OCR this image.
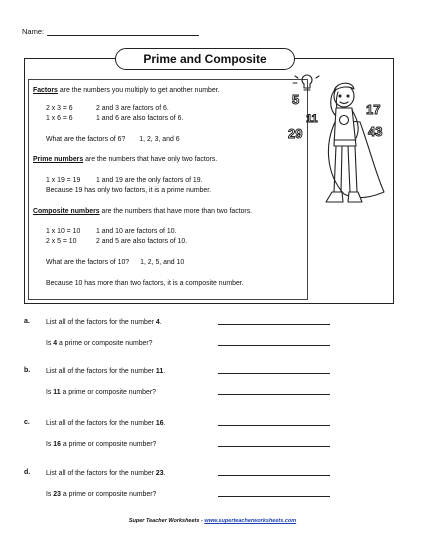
Name:
Prime and Composite
Factors are the numbers you multiply to get another number.
2 x 3 = 6	2 and 3 are factors of 6.
1 x 6 = 6	1 and 6 are also factors of 6.
What are the factors of 6? 1, 2, 3, and 6
Prime numbers are the numbers that have only two factors.
1 x 19 = 19 1 and 19 are the only factors of 19.
Because 19 has only two factors, it is a prime number.
Composite numbers are the numbers that have more than two factors.
1 x 10 = 10 1 and 10 are factors of 10.
2 x 5 = 10	2 and 5 are also factors of 10.
What are the factors of 10? 1, 2, 5, and 10
Because 10 has more than two factors, it is a composite number.
5
11
17
29	43
a. List all of the factors for the number 4.
Is 4 a prime or composite number?
b. List all of the factors for the number 11.
Is 11 a prime or composite number?
c. List all of the factors for the number 16.
Is 16 a prime or composite number?
d. List all of the factors for the number 23.
Is 23 a prime or composite number?
Super Teacher Worksheets - www.superteacherworksheets.com
